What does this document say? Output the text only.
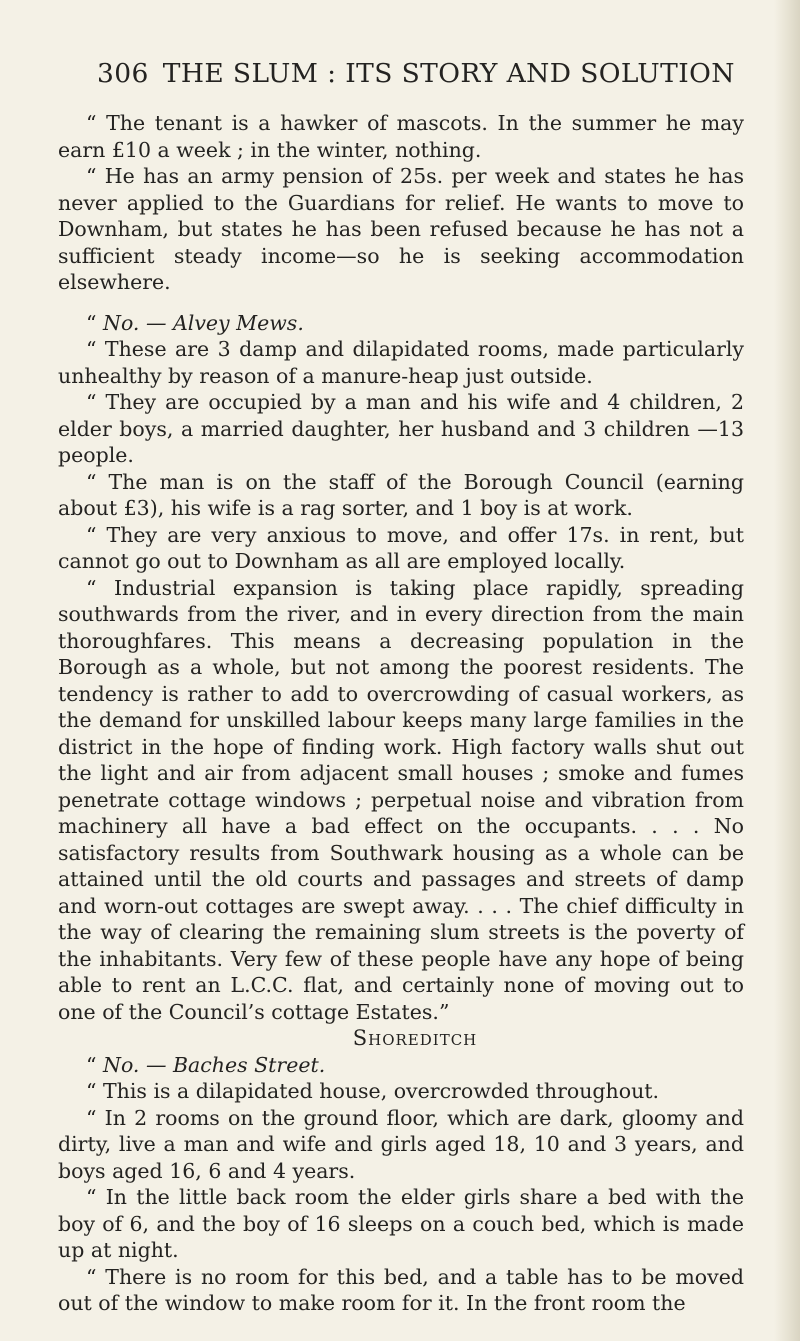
306 THE SLUM : ITS STORY AND SOLUTION

“ The tenant is a hawker of mascots. In the summer he may earn £10 a week ; in the winter, nothing.

“ He has an army pension of 25s. per week and states he has never applied to the Guardians for relief. He wants to move to Downham, but states he has been refused because he has not a sufficient steady income—so he is seeking accommodation elsewhere.

“ No. — Alvey Mews.

“ These are 3 damp and dilapidated rooms, made particularly unhealthy by reason of a manure-heap just outside.

“ They are occupied by a man and his wife and 4 children, 2 elder boys, a married daughter, her husband and 3 children —13 people.

“ The man is on the staff of the Borough Council (earning about £3), his wife is a rag sorter, and 1 boy is at work.

“ They are very anxious to move, and offer 17s. in rent, but cannot go out to Downham as all are employed locally.

“ Industrial expansion is taking place rapidly, spreading southwards from the river, and in every direction from the main thoroughfares. This means a decreasing population in the Borough as a whole, but not among the poorest residents. The tendency is rather to add to overcrowding of casual workers, as the demand for unskilled labour keeps many large families in the district in the hope of finding work. High factory walls shut out the light and air from adjacent small houses ; smoke and fumes penetrate cottage windows ; perpetual noise and vibration from machinery all have a bad effect on the occupants. . . . No satisfactory results from Southwark housing as a whole can be attained until the old courts and passages and streets of damp and worn-out cottages are swept away. . . . The chief difficulty in the way of clearing the remaining slum streets is the poverty of the inhabitants. Very few of these people have any hope of being able to rent an L.C.C. flat, and certainly none of moving out to one of the Council’s cottage Estates.”

Shoreditch

“ No. — Baches Street.

“ This is a dilapidated house, overcrowded throughout.

“ In 2 rooms on the ground floor, which are dark, gloomy and dirty, live a man and wife and girls aged 18, 10 and 3 years, and boys aged 16, 6 and 4 years.

“ In the little back room the elder girls share a bed with the boy of 6, and the boy of 16 sleeps on a couch bed, which is made up at night.

“ There is no room for this bed, and a table has to be moved out of the window to make room for it. In the front room the
